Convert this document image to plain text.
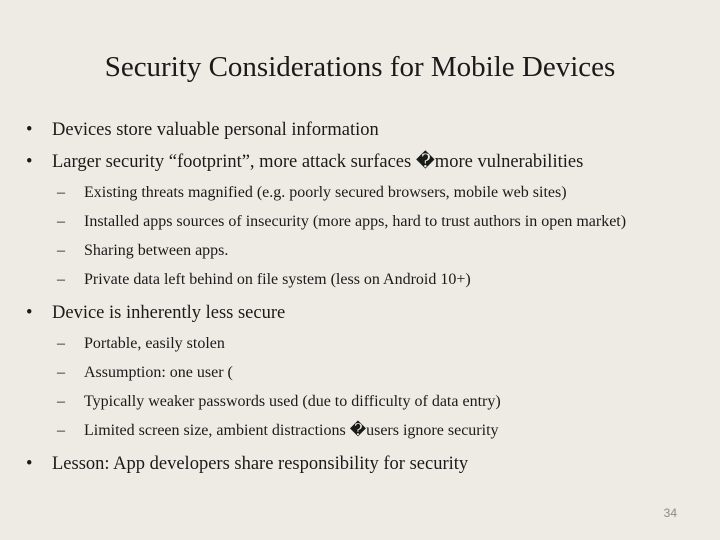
Security Considerations for Mobile Devices
• Devices store valuable personal information
• Larger security “footprint”, more attack surfaces �more vulnerabilities
– Existing threats magnified (e.g. poorly secured browsers, mobile web sites)
– Installed apps sources of insecurity (more apps, hard to trust authors in open market)
– Sharing between apps.
– Private data left behind on file system (less on Android 10+)
• Device is inherently less secure
– Portable, easily stolen
– Assumption: one user (
– Typically weaker passwords used (due to difficulty of data entry)
– Limited screen size, ambient distractions �users ignore security
• Lesson: App developers share responsibility for security
34
